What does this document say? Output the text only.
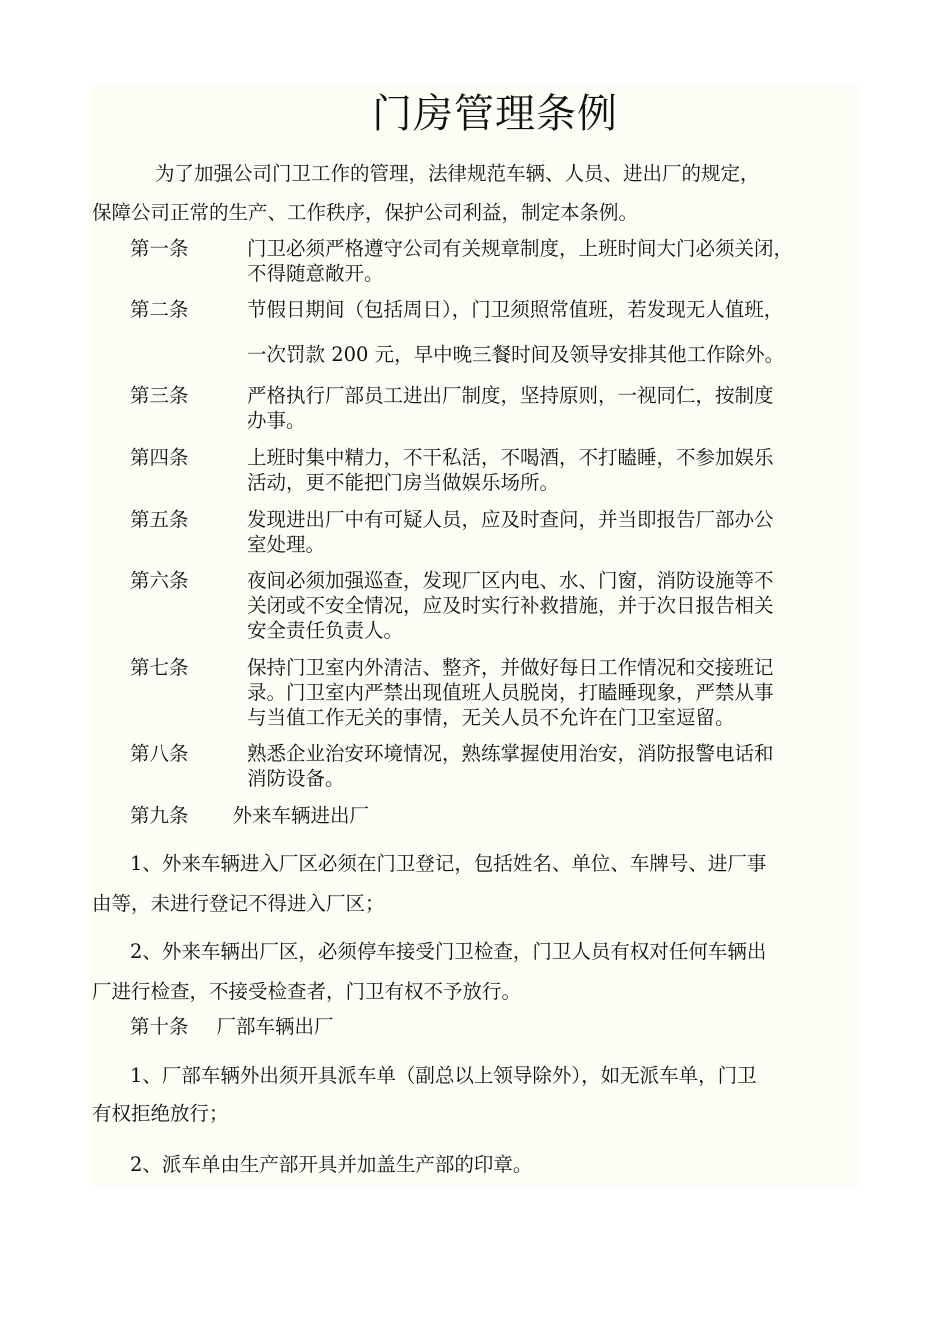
门房管理条例
为了加强公司门卫工作的管理，法律规范车辆、人员、进出厂的规定，
保障公司正常的生产、工作秩序，保护公司利益，制定本条例。
第一条	门卫必须严格遵守公司有关规章制度，上班时间大门必须关闭，
不得随意敞开。
第二条	节假日期间（包括周日），门卫须照常值班，若发现无人值班，
一次罚款 200 元，早中晚三餐时间及领导安排其他工作除外。
第三条	严格执行厂部员工进出厂制度，坚持原则，一视同仁，按制度
办事。
第四条	上班时集中精力，不干私活，不喝酒，不打瞌睡，不参加娱乐
活动，更不能把门房当做娱乐场所。
第五条	发现进出厂中有可疑人员，应及时查问，并当即报告厂部办公
室处理。
第六条	夜间必须加强巡查，发现厂区内电、水、门窗，消防设施等不
关闭或不安全情况，应及时实行补救措施，并于次日报告相关
安全责任负责人。
第七条	保持门卫室内外清洁、整齐，并做好每日工作情况和交接班记
录。门卫室内严禁出现值班人员脱岗，打瞌睡现象，严禁从事
与当值工作无关的事情，无关人员不允许在门卫室逗留。
第八条	熟悉企业治安环境情况，熟练掌握使用治安，消防报警电话和
消防设备。
第九条 外来车辆进出厂
1、外来车辆进入厂区必须在门卫登记，包括姓名、单位、车牌号、进厂事
由等，未进行登记不得进入厂区；
2、外来车辆出厂区，必须停车接受门卫检查，门卫人员有权对任何车辆出
厂进行检查，不接受检查者，门卫有权不予放行。
第十条 厂部车辆出厂
1、厂部车辆外出须开具派车单（副总以上领导除外），如无派车单，门卫
有权拒绝放行；
2、派车单由生产部开具并加盖生产部的印章。
